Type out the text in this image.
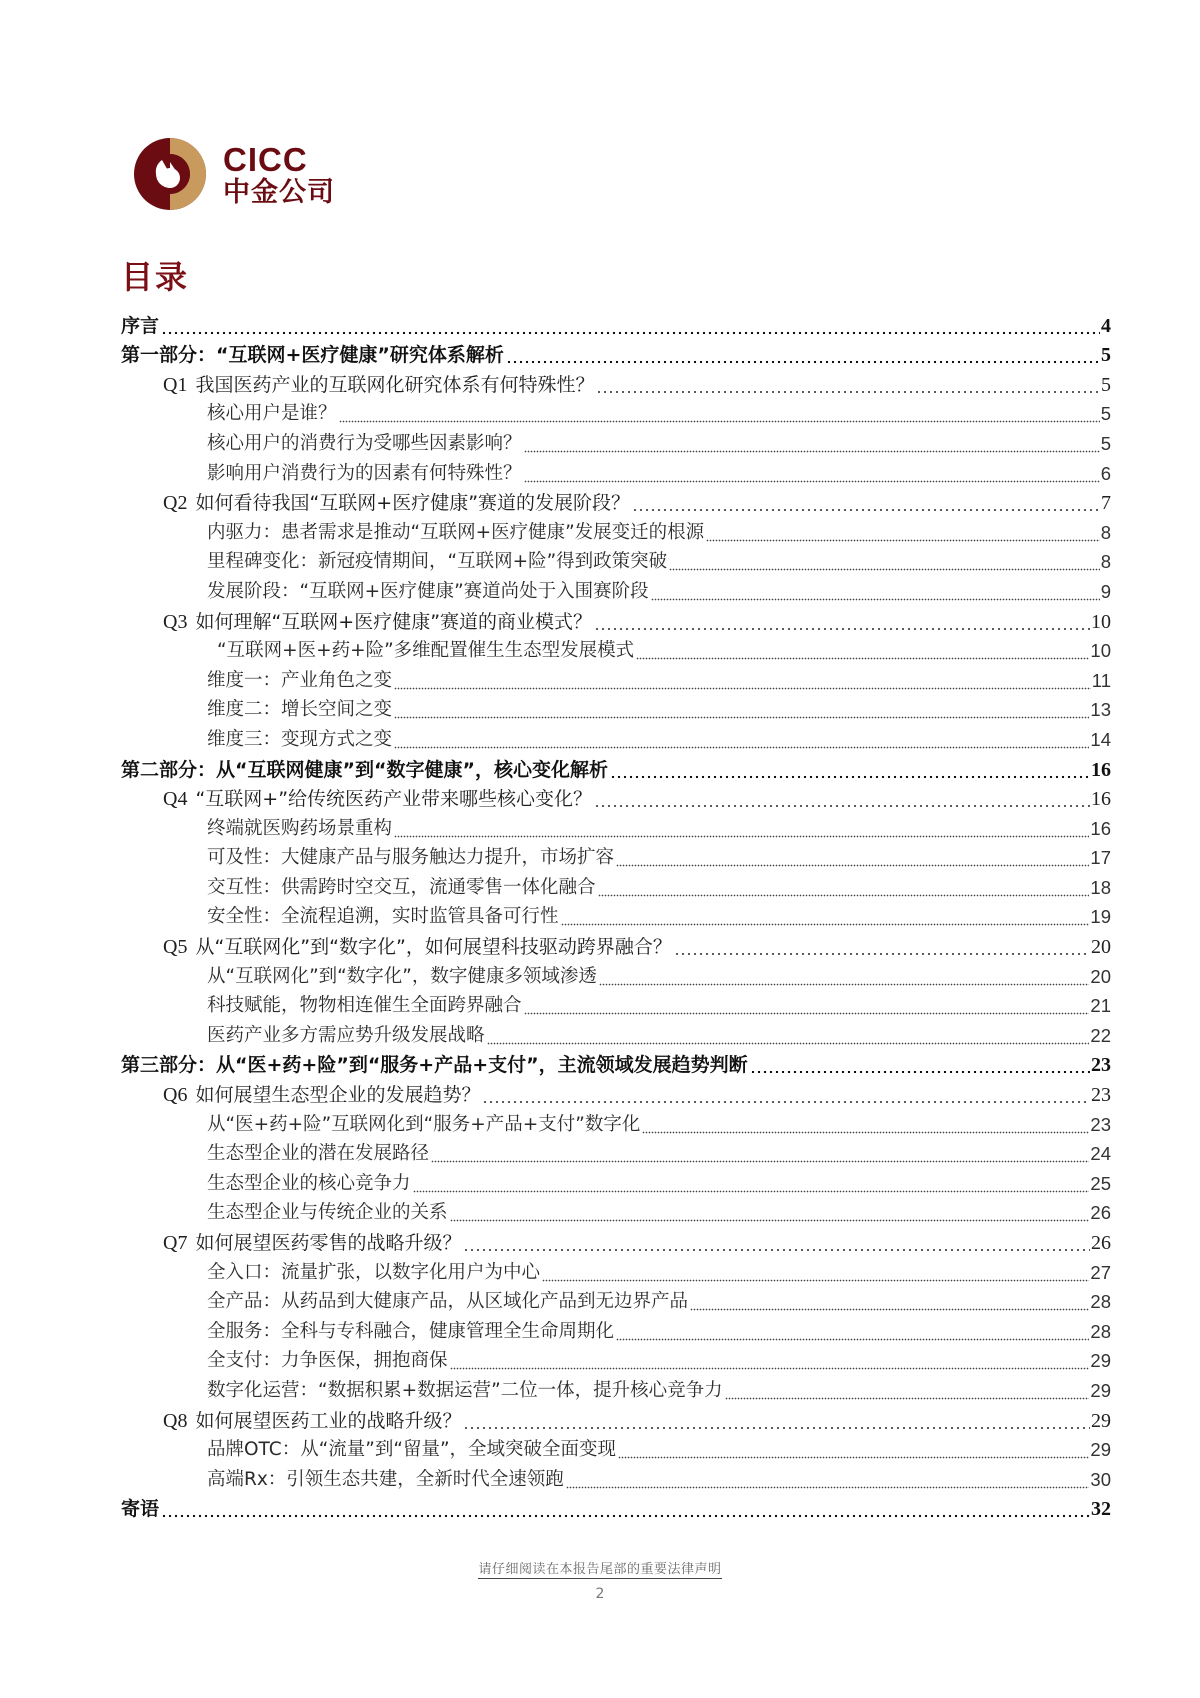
CICC
中金公司
目录
序言	4
第一部分：“互联网+医疗健康”研究体系解析	5
Q1 我国医药产业的互联网化研究体系有何特殊性？	5
核心用户是谁？	5
核心用户的消费行为受哪些因素影响？	5
影响用户消费行为的因素有何特殊性？	6
Q2 如何看待我国“互联网+医疗健康”赛道的发展阶段？	7
内驱力：患者需求是推动“互联网+医疗健康”发展变迁的根源	8
里程碑变化：新冠疫情期间，“互联网+险”得到政策突破	8
发展阶段：“互联网+医疗健康”赛道尚处于入围赛阶段	9
Q3 如何理解“互联网+医疗健康”赛道的商业模式？	10
“互联网+医+药+险”多维配置催生生态型发展模式	10
维度一：产业角色之变	11
维度二：增长空间之变	13
维度三：变现方式之变	14
第二部分：从“互联网健康”到“数字健康”，核心变化解析	16
Q4 “互联网+”给传统医药产业带来哪些核心变化？	16
终端就医购药场景重构	16
可及性：大健康产品与服务触达力提升，市场扩容	17
交互性：供需跨时空交互，流通零售一体化融合	18
安全性：全流程追溯，实时监管具备可行性	19
Q5 从“互联网化”到“数字化”，如何展望科技驱动跨界融合？	20
从“互联网化”到“数字化”，数字健康多领域渗透	20
科技赋能，物物相连催生全面跨界融合	21
医药产业多方需应势升级发展战略	22
第三部分：从“医+药+险”到“服务+产品+支付”，主流领域发展趋势判断	23
Q6 如何展望生态型企业的发展趋势？	23
从“医+药+险”互联网化到“服务+产品+支付”数字化	23
生态型企业的潜在发展路径	24
生态型企业的核心竞争力	25
生态型企业与传统企业的关系	26
Q7 如何展望医药零售的战略升级？	26
全入口：流量扩张，以数字化用户为中心	27
全产品：从药品到大健康产品，从区域化产品到无边界产品	28
全服务：全科与专科融合，健康管理全生命周期化	28
全支付：力争医保，拥抱商保	29
数字化运营：“数据积累+数据运营”二位一体，提升核心竞争力	29
Q8 如何展望医药工业的战略升级？	29
品牌OTC：从“流量”到“留量”，全域突破全面变现	29
高端Rx：引领生态共建，全新时代全速领跑	30
寄语	32
请仔细阅读在本报告尾部的重要法律声明
2
